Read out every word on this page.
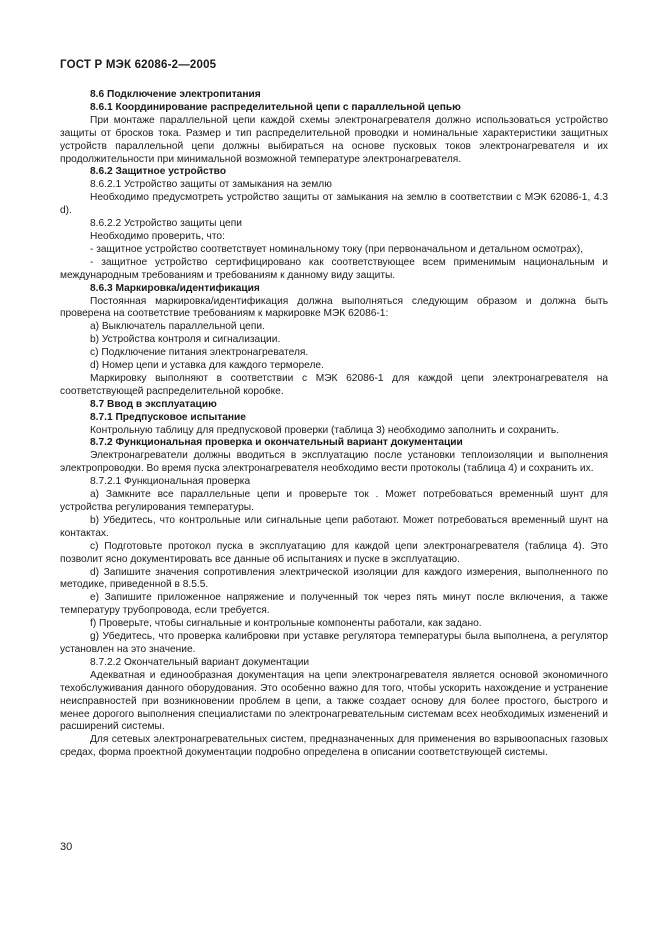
ГОСТ Р МЭК 62086-2—2005

8.6 Подключение электропитания

8.6.1 Координирование распределительной цепи с параллельной цепью

При монтаже параллельной цепи каждой схемы электронагревателя должно использоваться устройство защиты от бросков тока. Размер и тип распределительной проводки и номинальные характеристики защитных устройств параллельной цепи должны выбираться на основе пусковых токов электронагревателя и их продолжительности при минимальной возможной температуре электронагревателя.

8.6.2 Защитное устройство

8.6.2.1 Устройство защиты от замыкания на землю

Необходимо предусмотреть устройство защиты от замыкания на землю в соответствии с МЭК 62086-1, 4.3 d).

8.6.2.2 Устройство защиты цепи

Необходимо проверить, что:

- защитное устройство соответствует номинальному току (при первоначальном и детальном осмотрах),

- защитное устройство сертифицировано как соответствующее всем применимым национальным и международным требованиям и требованиям к данному виду защиты.

8.6.3 Маркировка/идентификация

Постоянная маркировка/идентификация должна выполняться следующим образом и должна быть проверена на соответствие требованиям к маркировке МЭК 62086-1:

a) Выключатель параллельной цепи.

b) Устройства контроля и сигнализации.

c) Подключение питания электронагревателя.

d) Номер цепи и уставка для каждого термореле.

Маркировку выполняют в соответствии с МЭК 62086-1 для каждой цепи электронагревателя на соответствующей распределительной коробке.

8.7 Ввод в эксплуатацию

8.7.1 Предпусковое испытание

Контрольную таблицу для предпусковой проверки (таблица 3) необходимо заполнить и сохранить.

8.7.2 Функциональная проверка и окончательный вариант документации

Электронагреватели должны вводиться в эксплуатацию после установки теплоизоляции и выполнения электропроводки. Во время пуска электронагревателя необходимо вести протоколы (таблица 4) и сохранить их.

8.7.2.1 Функциональная проверка

a) Замкните все параллельные цепи и проверьте ток . Может потребоваться временный шунт для устройства регулирования температуры.

b) Убедитесь, что контрольные или сигнальные цепи работают. Может потребоваться временный шунт на контактах.

c) Подготовьте протокол пуска в эксплуатацию для каждой цепи электронагревателя (таблица 4). Это позволит ясно документировать все данные об испытаниях и пуске в эксплуатацию.

d) Запишите значения сопротивления электрической изоляции для каждого измерения, выполненного по методике, приведенной в 8.5.5.

e) Запишите приложенное напряжение и полученный ток через пять минут после включения, а также температуру трубопровода, если требуется.

f) Проверьте, чтобы сигнальные и контрольные компоненты работали, как задано.

g) Убедитесь, что проверка калибровки при уставке регулятора температуры была выполнена, а регулятор установлен на это значение.

8.7.2.2 Окончательный вариант документации

Адекватная и единообразная документация на цепи электронагревателя является основой экономичного техобслуживания данного оборудования. Это особенно важно для того, чтобы ускорить нахождение и устранение неисправностей при возникновении проблем в цепи, а также создает основу для более простого, быстрого и менее дорогого выполнения специалистами по электронагревательным системам всех необходимых изменений и расширений системы.

Для сетевых электронагревательных систем, предназначенных для применения во взрывоопасных газовых средах, форма проектной документации подробно определена в описании соответствующей системы.

30
